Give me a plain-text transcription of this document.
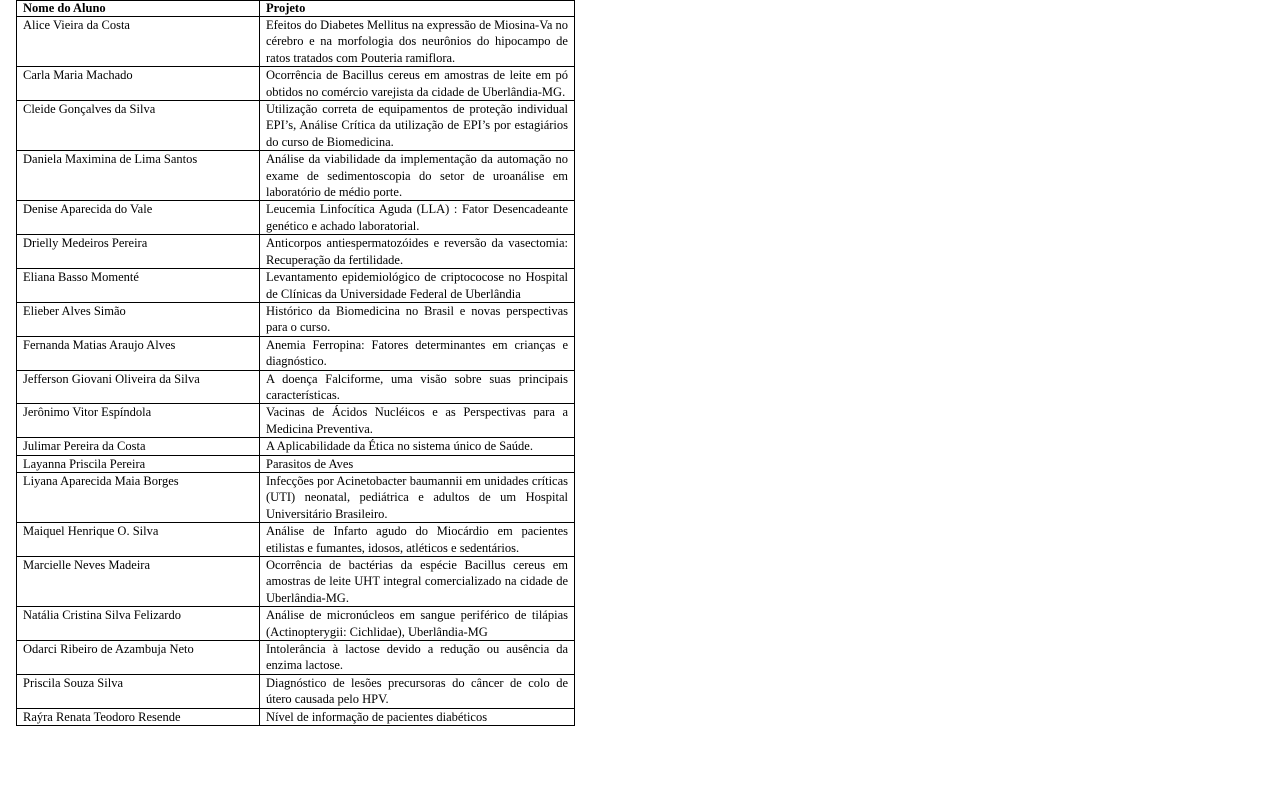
Nome do Aluno	Projeto
Alice Vieira da Costa	Efeitos do Diabetes Mellitus na expressão de Miosina-Va no cérebro e na morfologia dos neurônios do hipocampo de ratos tratados com Pouteria ramiflora.
Carla Maria Machado	Ocorrência de Bacillus cereus em amostras de leite em pó obtidos no comércio varejista da cidade de Uberlândia-MG.
Cleide Gonçalves da Silva	Utilização correta de equipamentos de proteção individual EPI’s, Análise Crítica da utilização de EPI’s por estagiários do curso de Biomedicina.
Daniela Maximina de Lima Santos	Análise da viabilidade da implementação da automação no exame de sedimentoscopia do setor de uroanálise em laboratório de médio porte.
Denise Aparecida do Vale	Leucemia Linfocítica Aguda (LLA) : Fator Desencadeante genético e achado laboratorial.
Drielly Medeiros Pereira	Anticorpos antiespermatozóides e reversão da vasectomia: Recuperação da fertilidade.
Eliana Basso Momenté	Levantamento epidemiológico de criptococose no Hospital de Clínicas da Universidade Federal de Uberlândia
Elieber Alves Simão	Histórico da Biomedicina no Brasil e novas perspectivas para o curso.
Fernanda Matias Araujo Alves	Anemia Ferropina: Fatores determinantes em crianças e diagnóstico.
Jefferson Giovani Oliveira da Silva	A doença Falciforme, uma visão sobre suas principais características.
Jerônimo Vitor Espíndola	Vacinas de Ácidos Nucléicos e as Perspectivas para a Medicina Preventiva.
Julimar Pereira da Costa	A Aplicabilidade da Ética no sistema único de Saúde.
Layanna Priscila Pereira	Parasitos de Aves
Liyana Aparecida Maia Borges	Infecções por Acinetobacter baumannii em unidades críticas (UTI) neonatal, pediátrica e adultos de um Hospital Universitário Brasileiro.
Maiquel Henrique O. Silva	Análise de Infarto agudo do Miocárdio em pacientes etilistas e fumantes, idosos, atléticos e sedentários.
Marcielle Neves Madeira	Ocorrência de bactérias da espécie Bacillus cereus em amostras de leite UHT integral comercializado na cidade de Uberlândia-MG.
Natália Cristina Silva Felizardo	Análise de micronúcleos em sangue periférico de tilápias (Actinopterygii: Cichlidae), Uberlândia-MG
Odarci Ribeiro de Azambuja Neto	Intolerância à lactose devido a redução ou ausência da enzima lactose.
Priscila Souza Silva	Diagnóstico de lesões precursoras do câncer de colo de útero causada pelo HPV.
Raýra Renata Teodoro Resende	Nível de informação de pacientes diabéticos
